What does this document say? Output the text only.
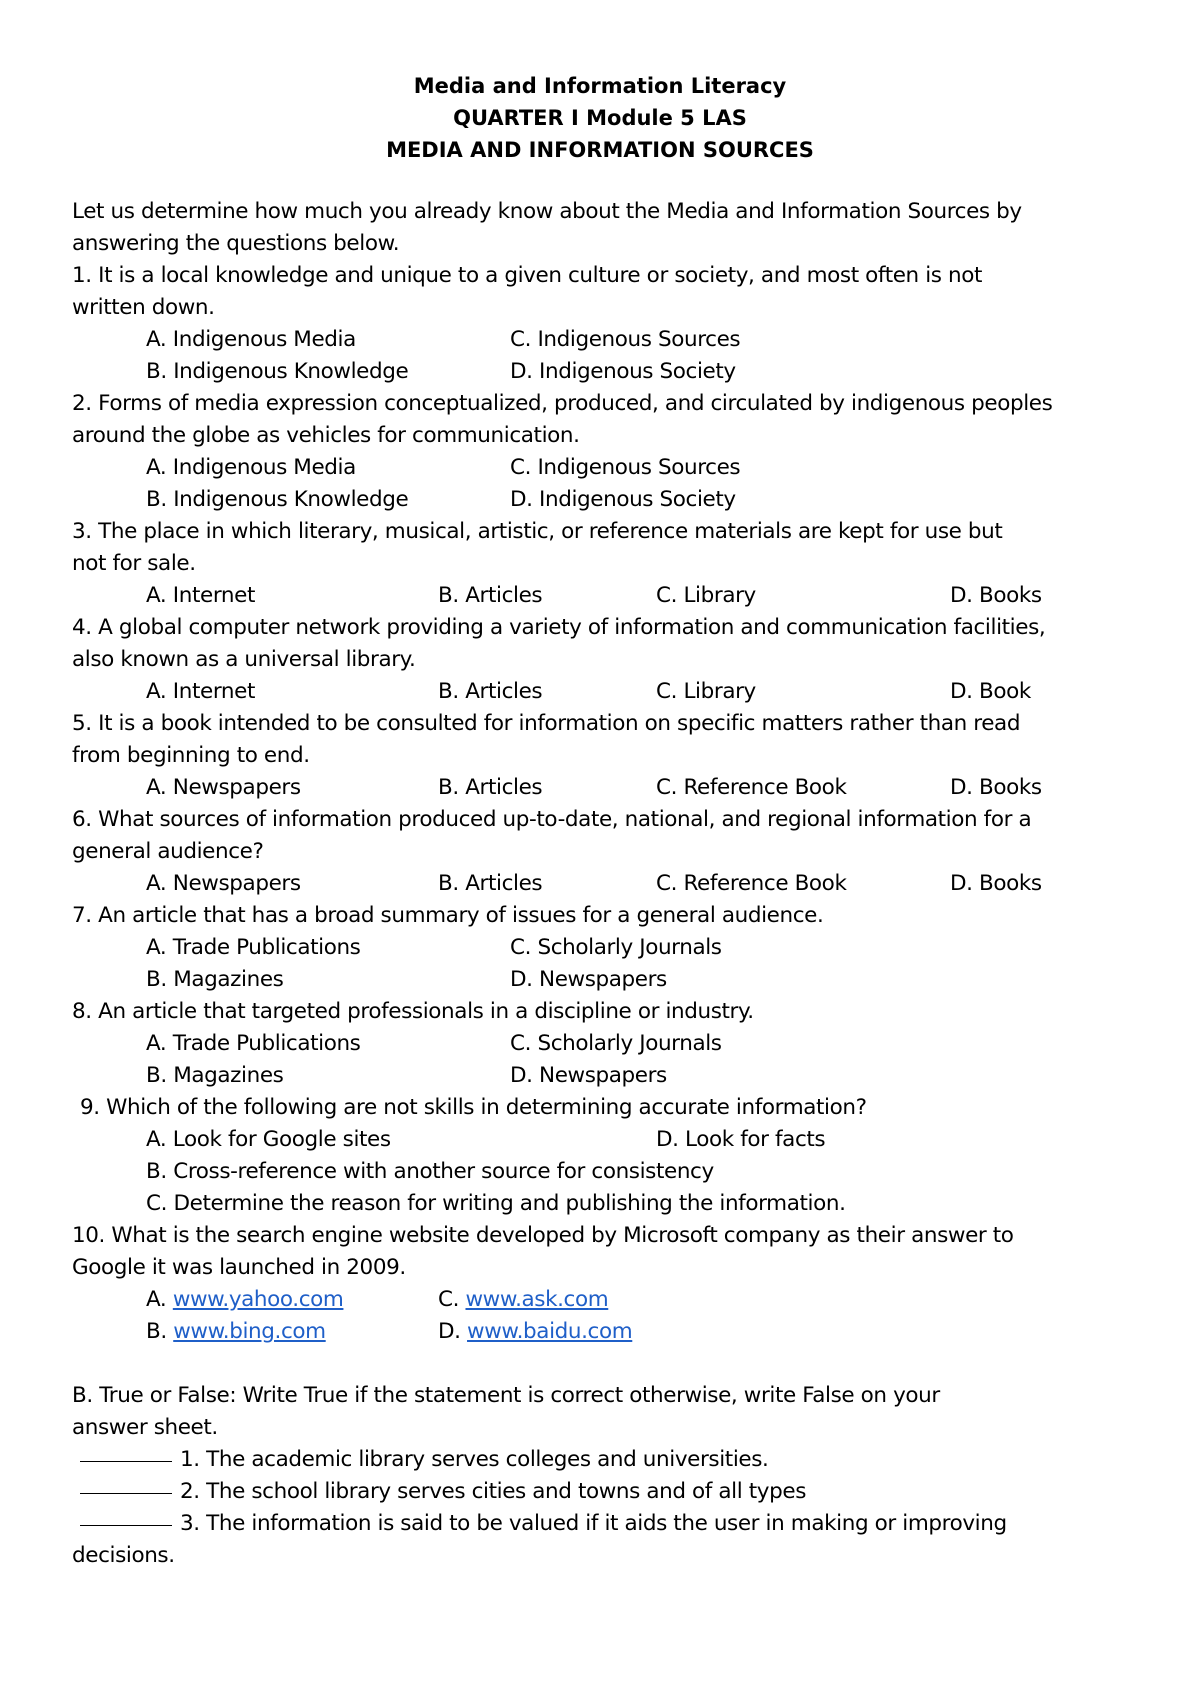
Media and Information Literacy
QUARTER I Module 5 LAS
MEDIA AND INFORMATION SOURCES
Let us determine how much you already know about the Media and Information Sources by
answering the questions below.
1. It is a local knowledge and unique to a given culture or society, and most often is not
written down.
A. Indigenous Media	C. Indigenous Sources
B. Indigenous Knowledge	D. Indigenous Society
2. Forms of media expression conceptualized, produced, and circulated by indigenous peoples
around the globe as vehicles for communication.
A. Indigenous Media	C. Indigenous Sources
B. Indigenous Knowledge	D. Indigenous Society
3. The place in which literary, musical, artistic, or reference materials are kept for use but
not for sale.
A. Internet	B. Articles	C. Library	D. Books
4. A global computer network providing a variety of information and communication facilities,
also known as a universal library.
A. Internet	B. Articles	C. Library	D. Book
5. It is a book intended to be consulted for information on specific matters rather than read
from beginning to end.
A. Newspapers	B. Articles	C. Reference Book	D. Books
6. What sources of information produced up-to-date, national, and regional information for a
general audience?
A. Newspapers	B. Articles	C. Reference Book	D. Books
7. An article that has a broad summary of issues for a general audience.
A. Trade Publications	C. Scholarly Journals
B. Magazines	D. Newspapers
8. An article that targeted professionals in a discipline or industry.
A. Trade Publications	C. Scholarly Journals
B. Magazines	D. Newspapers
9. Which of the following are not skills in determining accurate information?
A. Look for Google sites	D. Look for facts
B. Cross-reference with another source for consistency
C. Determine the reason for writing and publishing the information.
10. What is the search engine website developed by Microsoft company as their answer to
Google it was launched in 2009.
A. www.yahoo.com	C. www.ask.com
B. www.bing.com	D. www.baidu.com
B. True or False: Write True if the statement is correct otherwise, write False on your
answer sheet.
1. The academic library serves colleges and universities.
2. The school library serves cities and towns and of all types
3. The information is said to be valued if it aids the user in making or improving
decisions.
